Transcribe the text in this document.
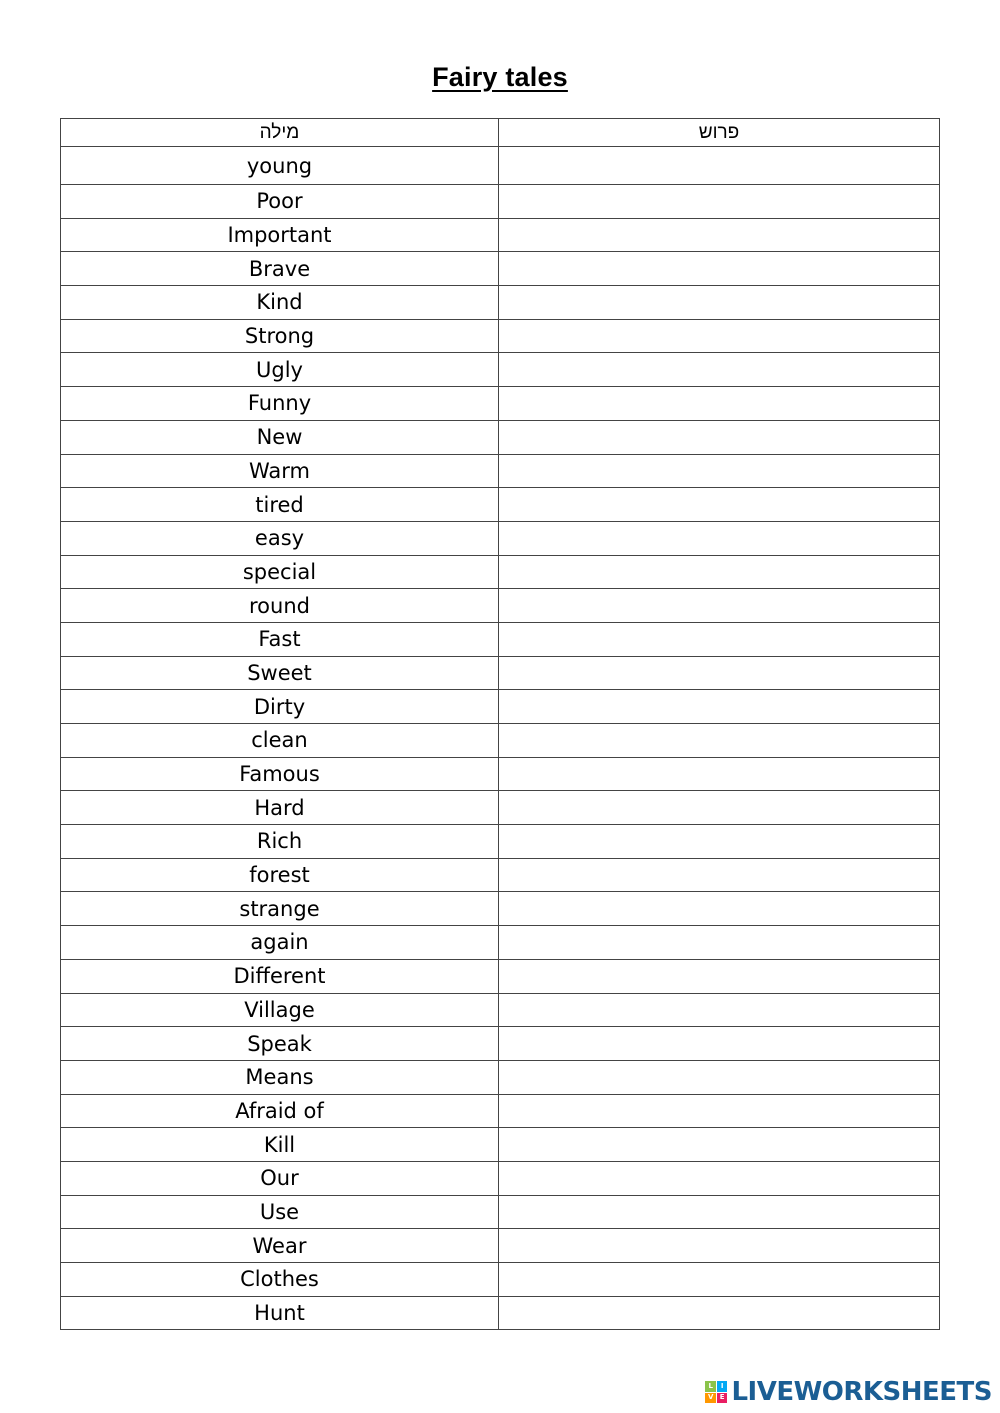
Fairy tales
מילה	פרוש
young	
Poor	
Important	
Brave	
Kind	
Strong	
Ugly	
Funny	
New	
Warm	
tired	
easy	
special	
round	
Fast	
Sweet	
Dirty	
clean	
Famous	
Hard	
Rich	
forest	
strange	
again	
Different	
Village	
Speak	
Means	
Afraid of	
Kill	
Our	
Use	
Wear	
Clothes	
Hunt	
L	I
V E LIVEWORKSHEETS
